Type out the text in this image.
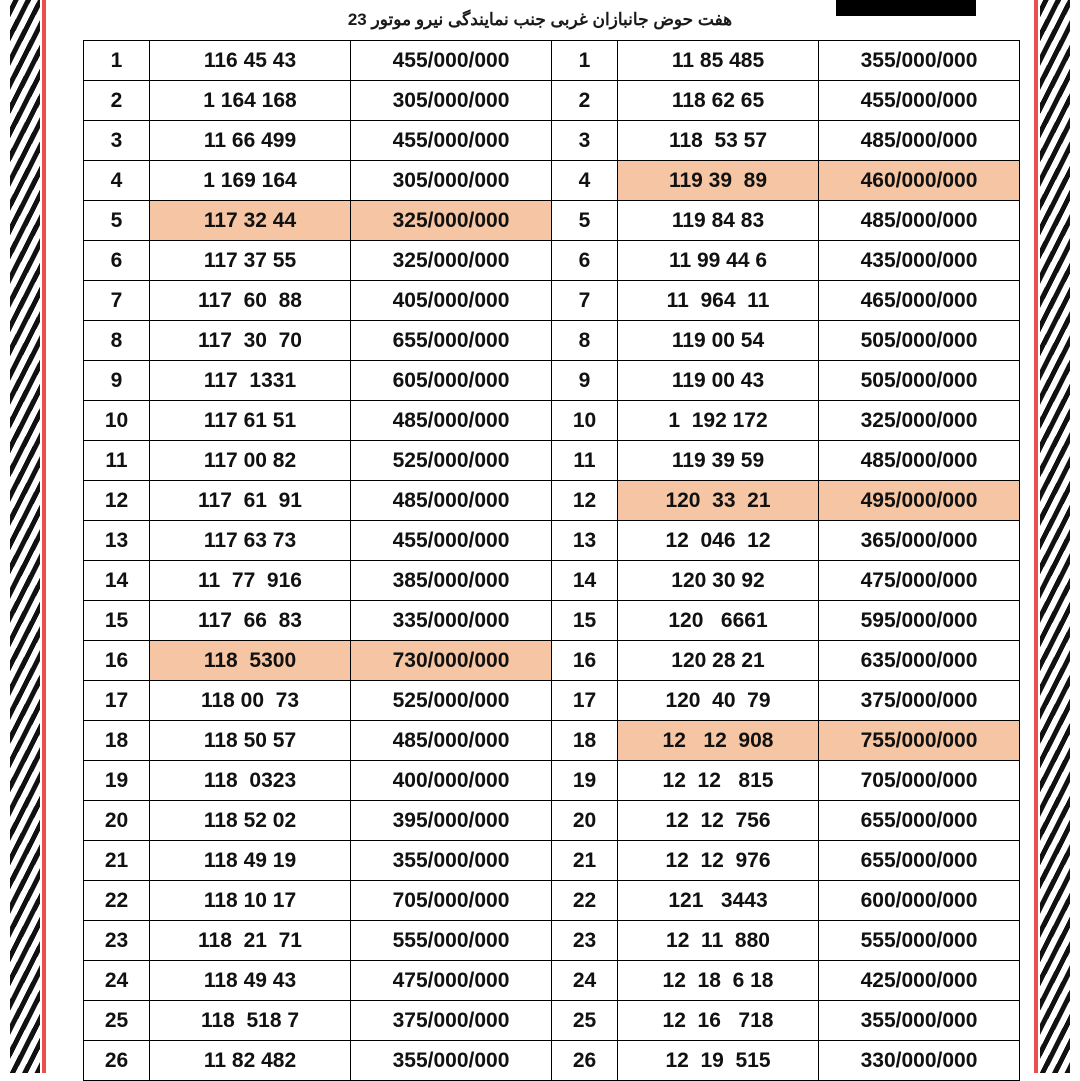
هفت حوض جانبازان غربی جنب نمایندگی نیرو موتور 23
1	116 45 43	455/000/000	1	11 85 485	355/000/000
2	1 164 168	305/000/000	2	118 62 65	455/000/000
3	11 66 499	455/000/000	3	118  53 57	485/000/000
4	1 169 164	305/000/000	4	119 39  89	460/000/000
5	117 32 44	325/000/000	5	119 84 83	485/000/000
6	117 37 55	325/000/000	6	11 99 44 6	435/000/000
7	117  60  88	405/000/000	7	11  964  11	465/000/000
8	117  30  70	655/000/000	8	119 00 54	505/000/000
9	117  1331	605/000/000	9	119 00 43	505/000/000
10	117 61 51	485/000/000	10	1  192 172	325/000/000
11	117 00 82	525/000/000	11	119 39 59	485/000/000
12	117  61  91	485/000/000	12	120  33  21	495/000/000
13	117 63 73	455/000/000	13	12  046  12	365/000/000
14	11  77  916	385/000/000	14	120 30 92	475/000/000
15	117  66  83	335/000/000	15	120   6661	595/000/000
16	118  5300	730/000/000	16	120 28 21	635/000/000
17	118 00  73	525/000/000	17	120  40  79	375/000/000
18	118 50 57	485/000/000	18	12   12  908	755/000/000
19	118  0323	400/000/000	19	12  12   815	705/000/000
20	118 52 02	395/000/000	20	12  12  756	655/000/000
21	118 49 19	355/000/000	21	12  12  976	655/000/000
22	118 10 17	705/000/000	22	121   3443	600/000/000
23	118  21  71	555/000/000	23	12  11  880	555/000/000
24	118 49 43	475/000/000	24	12  18  6 18	425/000/000
25	118  518 7	375/000/000	25	12  16   718	355/000/000
26	11 82 482	355/000/000	26	12  19  515	330/000/000
